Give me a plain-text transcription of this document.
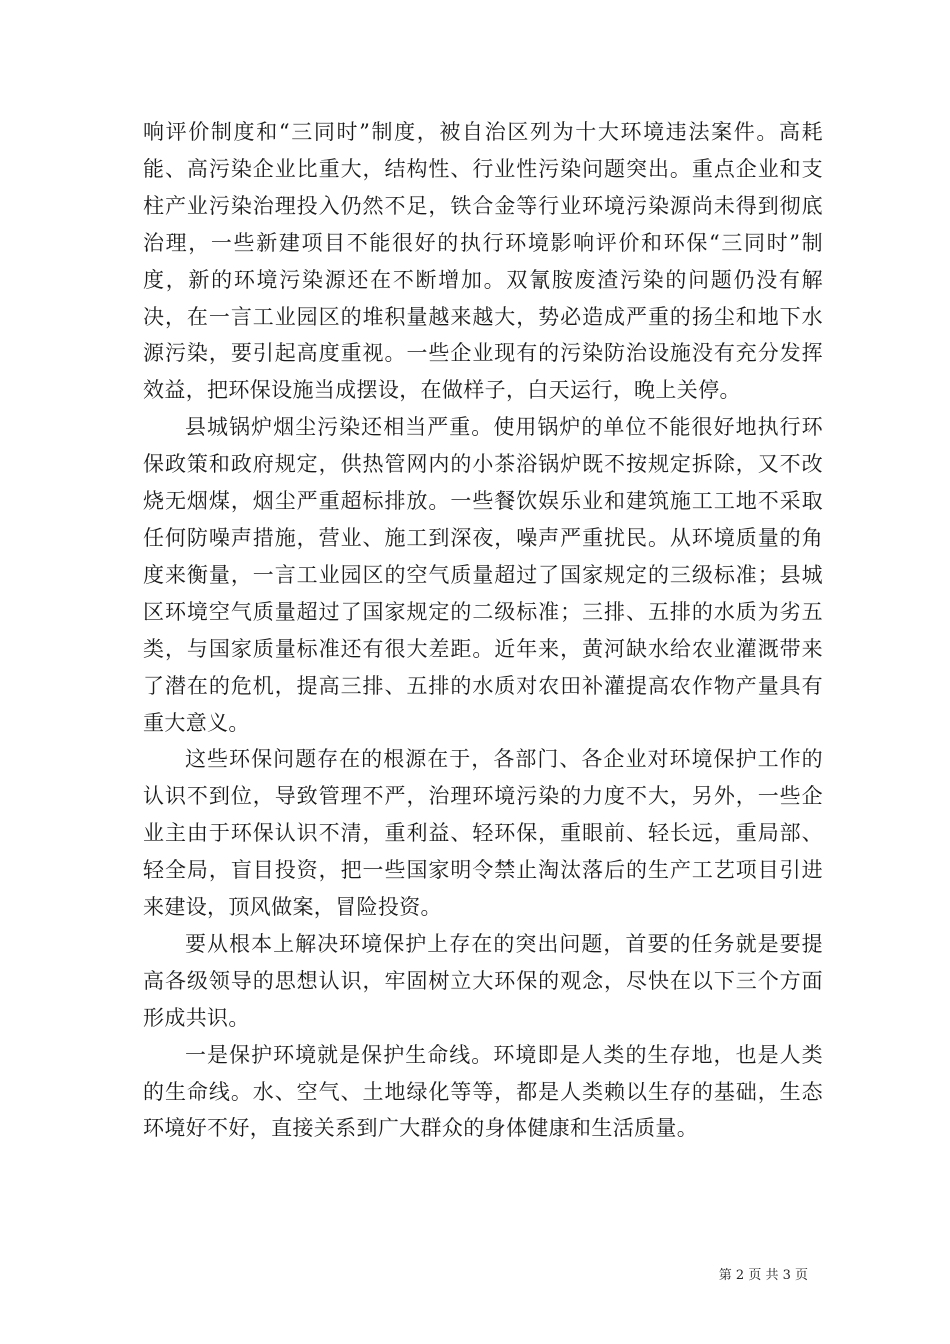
响评价制度和“三同时”制度，被自治区列为十大环境违法案件。高耗能、高污染企业比重大，结构性、行业性污染问题突出。重点企业和支柱产业污染治理投入仍然不足，铁合金等行业环境污染源尚未得到彻底治理，一些新建项目不能很好的执行环境影响评价和环保“三同时”制度，新的环境污染源还在不断增加。双氰胺废渣污染的问题仍没有解决，在一言工业园区的堆积量越来越大，势必造成严重的扬尘和地下水源污染，要引起高度重视。一些企业现有的污染防治设施没有充分发挥效益，把环保设施当成摆设，在做样子，白天运行，晚上关停。

县城锅炉烟尘污染还相当严重。使用锅炉的单位不能很好地执行环保政策和政府规定，供热管网内的小茶浴锅炉既不按规定拆除，又不改烧无烟煤，烟尘严重超标排放。一些餐饮娱乐业和建筑施工工地不采取任何防噪声措施，营业、施工到深夜，噪声严重扰民。从环境质量的角度来衡量，一言工业园区的空气质量超过了国家规定的三级标准；县城区环境空气质量超过了国家规定的二级标准；三排、五排的水质为劣五类，与国家质量标准还有很大差距。近年来，黄河缺水给农业灌溉带来了潜在的危机，提高三排、五排的水质对农田补灌提高农作物产量具有重大意义。

这些环保问题存在的根源在于，各部门、各企业对环境保护工作的认识不到位，导致管理不严，治理环境污染的力度不大，另外，一些企业主由于环保认识不清，重利益、轻环保，重眼前、轻长远，重局部、轻全局，盲目投资，把一些国家明令禁止淘汰落后的生产工艺项目引进来建设，顶风做案，冒险投资。

要从根本上解决环境保护上存在的突出问题，首要的任务就是要提高各级领导的思想认识，牢固树立大环保的观念，尽快在以下三个方面形成共识。

一是保护环境就是保护生命线。环境即是人类的生存地，也是人类的生命线。水、空气、土地绿化等等，都是人类赖以生存的基础，生态环境好不好，直接关系到广大群众的身体健康和生活质量。

第 2 页 共 3 页
